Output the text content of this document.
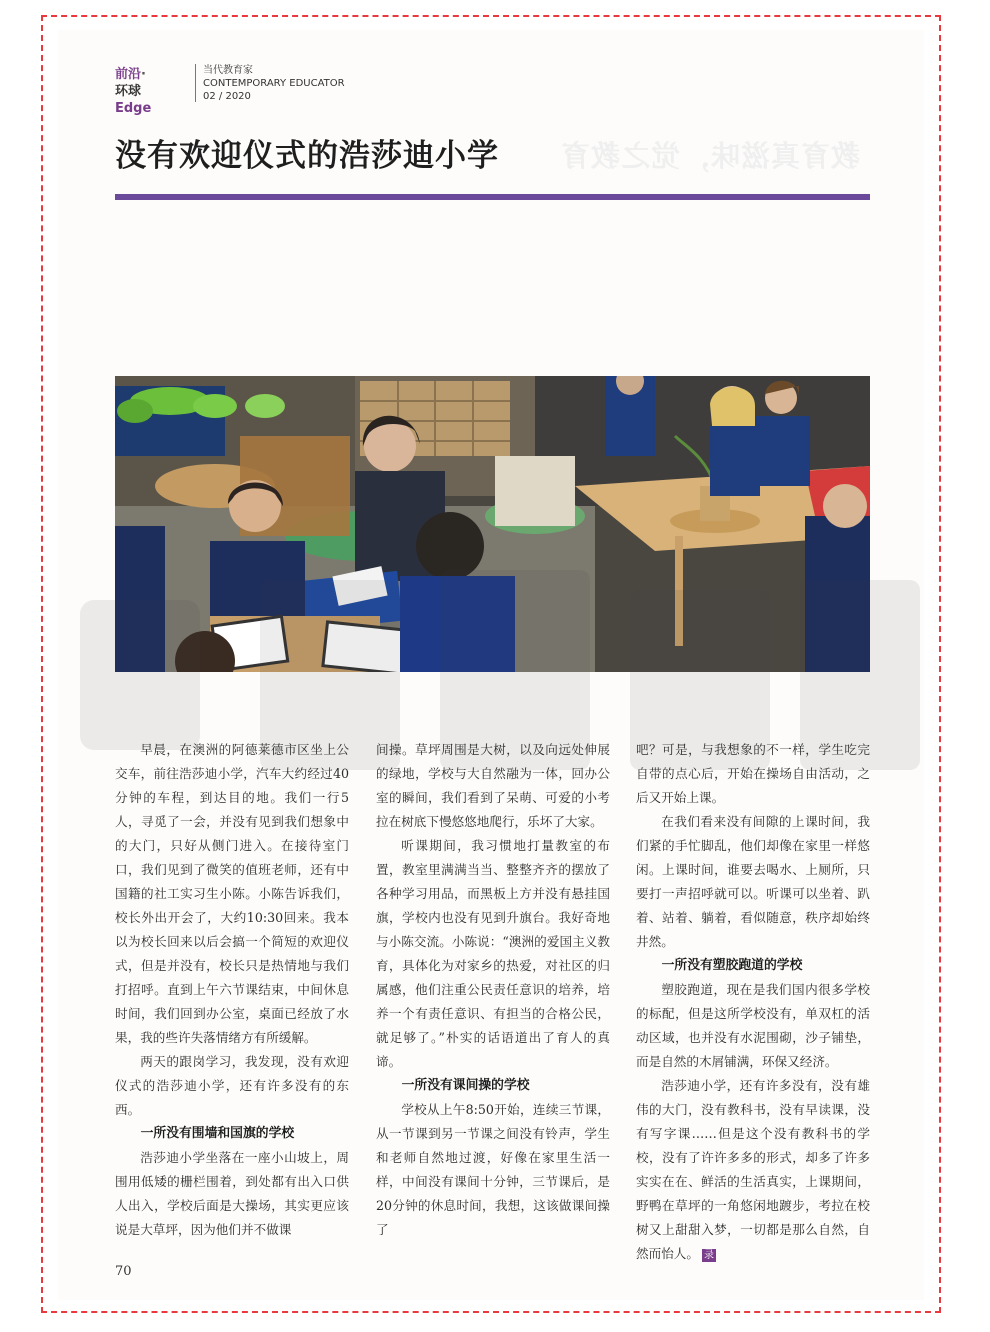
前沿·环球
Edge
当代教育家
CONTEMPORARY EDUCATOR
02 / 2020
教育真滋味，觉之教育
没有欢迎仪式的浩莎迪小学

早晨，在澳洲的阿德莱德市区坐上公交车，前往浩莎迪小学，汽车大约经过40分钟的车程，到达目的地。我们一行5人，寻觅了一会，并没有见到我们想象中的大门，只好从侧门进入。在接待室门口，我们见到了微笑的值班老师，还有中国籍的社工实习生小陈。小陈告诉我们，校长外出开会了，大约10:30回来。我本以为校长回来以后会搞一个简短的欢迎仪式，但是并没有，校长只是热情地与我们打招呼。直到上午六节课结束，中间休息时间，我们回到办公室，桌面已经放了水果，我的些许失落情绪方有所缓解。

两天的跟岗学习，我发现，没有欢迎仪式的浩莎迪小学，还有许多没有的东西。

一所没有围墙和国旗的学校

浩莎迪小学坐落在一座小山坡上，周围用低矮的栅栏围着，到处都有出入口供人出入，学校后面是大操场，其实更应该说是大草坪，因为他们并不做课

间操。草坪周围是大树，以及向远处伸展的绿地，学校与大自然融为一体，回办公室的瞬间，我们看到了呆萌、可爱的小考拉在树底下慢悠悠地爬行，乐坏了大家。

听课期间，我习惯地打量教室的布置，教室里满满当当、整整齐齐的摆放了各种学习用品，而黑板上方并没有悬挂国旗，学校内也没有见到升旗台。我好奇地与小陈交流。小陈说：“澳洲的爱国主义教育，具体化为对家乡的热爱，对社区的归属感，他们注重公民责任意识的培养，培养一个有责任意识、有担当的合格公民，就足够了。”朴实的话语道出了育人的真谛。

一所没有课间操的学校

学校从上午8:50开始，连续三节课，从一节课到另一节课之间没有铃声，学生和老师自然地过渡，好像在家里生活一样，中间没有课间十分钟，三节课后，是20分钟的休息时间，我想，这该做课间操了

吧？可是，与我想象的不一样，学生吃完自带的点心后，开始在操场自由活动，之后又开始上课。

在我们看来没有间隙的上课时间，我们紧的手忙脚乱，他们却像在家里一样悠闲。上课时间，谁要去喝水、上厕所，只要打一声招呼就可以。听课可以坐着、趴着、站着、躺着，看似随意，秩序却始终井然。

一所没有塑胶跑道的学校

塑胶跑道，现在是我们国内很多学校的标配，但是这所学校没有，单双杠的活动区域，也并没有水泥围砌，沙子铺垫，而是自然的木屑铺满，环保又经济。

浩莎迪小学，还有许多没有，没有雄伟的大门，没有教科书，没有早读课，没有写字课……但是这个没有教科书的学校，没有了许许多多的形式，却多了许多实实在在、鲜活的生活真实，上课期间，野鸭在草坪的一角悠闲地踱步，考拉在校树又上甜甜入梦，一切都是那么自然，自然而怡人。 录

70
